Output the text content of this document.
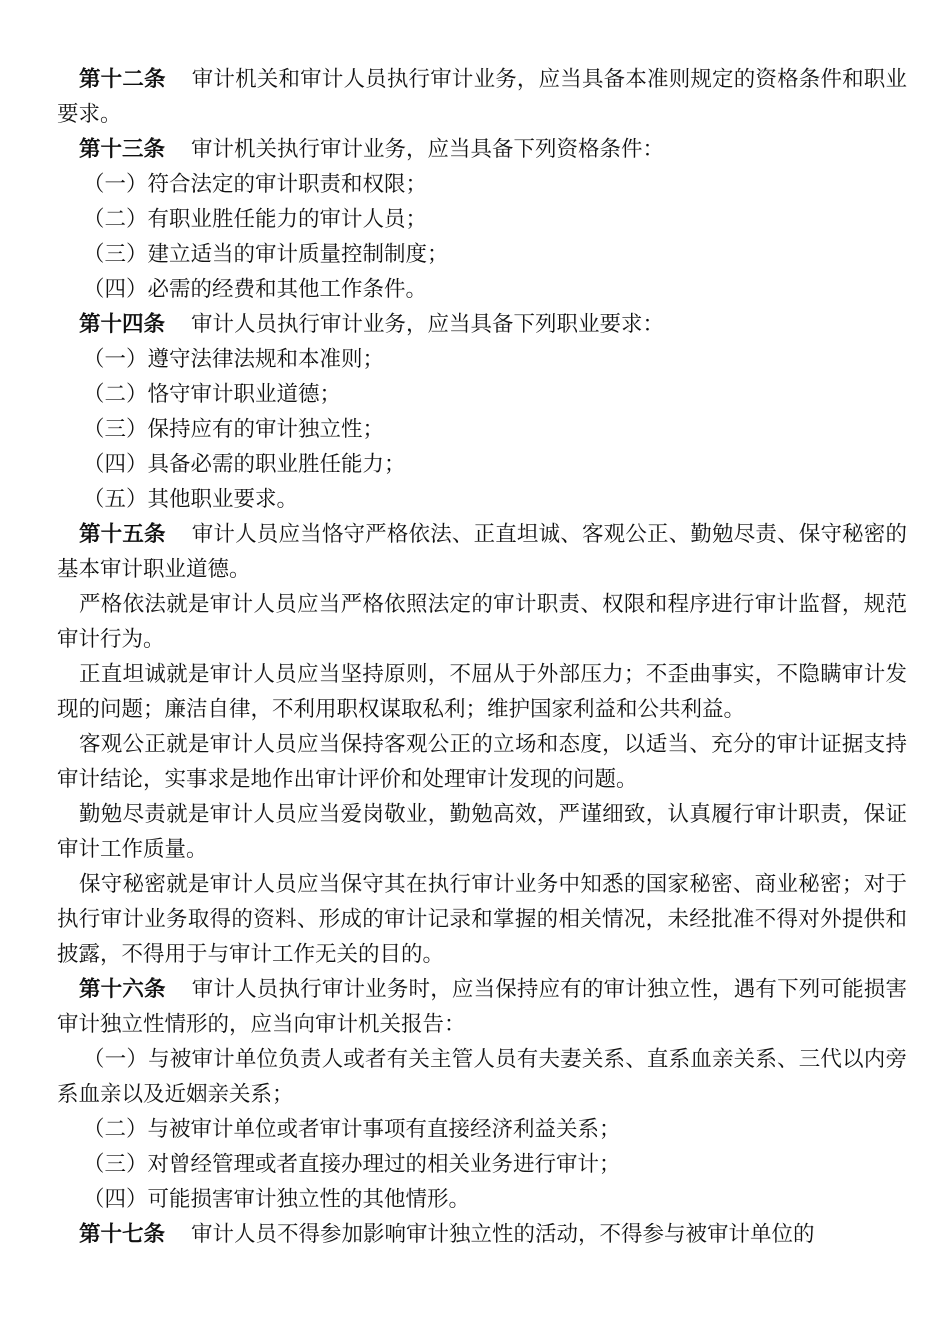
第十二条 审计机关和审计人员执行审计业务，应当具备本准则规定的资格条件和职业要求。

第十三条 审计机关执行审计业务，应当具备下列资格条件：

（一）符合法定的审计职责和权限；

（二）有职业胜任能力的审计人员；

（三）建立适当的审计质量控制制度；

（四）必需的经费和其他工作条件。

第十四条 审计人员执行审计业务，应当具备下列职业要求：

（一）遵守法律法规和本准则；

（二）恪守审计职业道德；

（三）保持应有的审计独立性；

（四）具备必需的职业胜任能力；

（五）其他职业要求。

第十五条 审计人员应当恪守严格依法、正直坦诚、客观公正、勤勉尽责、保守秘密的基本审计职业道德。

严格依法就是审计人员应当严格依照法定的审计职责、权限和程序进行审计监督，规范审计行为。

正直坦诚就是审计人员应当坚持原则，不屈从于外部压力；不歪曲事实，不隐瞒审计发现的问题；廉洁自律，不利用职权谋取私利；维护国家利益和公共利益。

客观公正就是审计人员应当保持客观公正的立场和态度，以适当、充分的审计证据支持审计结论，实事求是地作出审计评价和处理审计发现的问题。

勤勉尽责就是审计人员应当爱岗敬业，勤勉高效，严谨细致，认真履行审计职责，保证审计工作质量。

保守秘密就是审计人员应当保守其在执行审计业务中知悉的国家秘密、商业秘密；对于执行审计业务取得的资料、形成的审计记录和掌握的相关情况，未经批准不得对外提供和披露，不得用于与审计工作无关的目的。

第十六条 审计人员执行审计业务时，应当保持应有的审计独立性，遇有下列可能损害审计独立性情形的，应当向审计机关报告：

（一）与被审计单位负责人或者有关主管人员有夫妻关系、直系血亲关系、三代以内旁系血亲以及近姻亲关系；

（二）与被审计单位或者审计事项有直接经济利益关系；

（三）对曾经管理或者直接办理过的相关业务进行审计；

（四）可能损害审计独立性的其他情形。

第十七条 审计人员不得参加影响审计独立性的活动，不得参与被审计单位的
